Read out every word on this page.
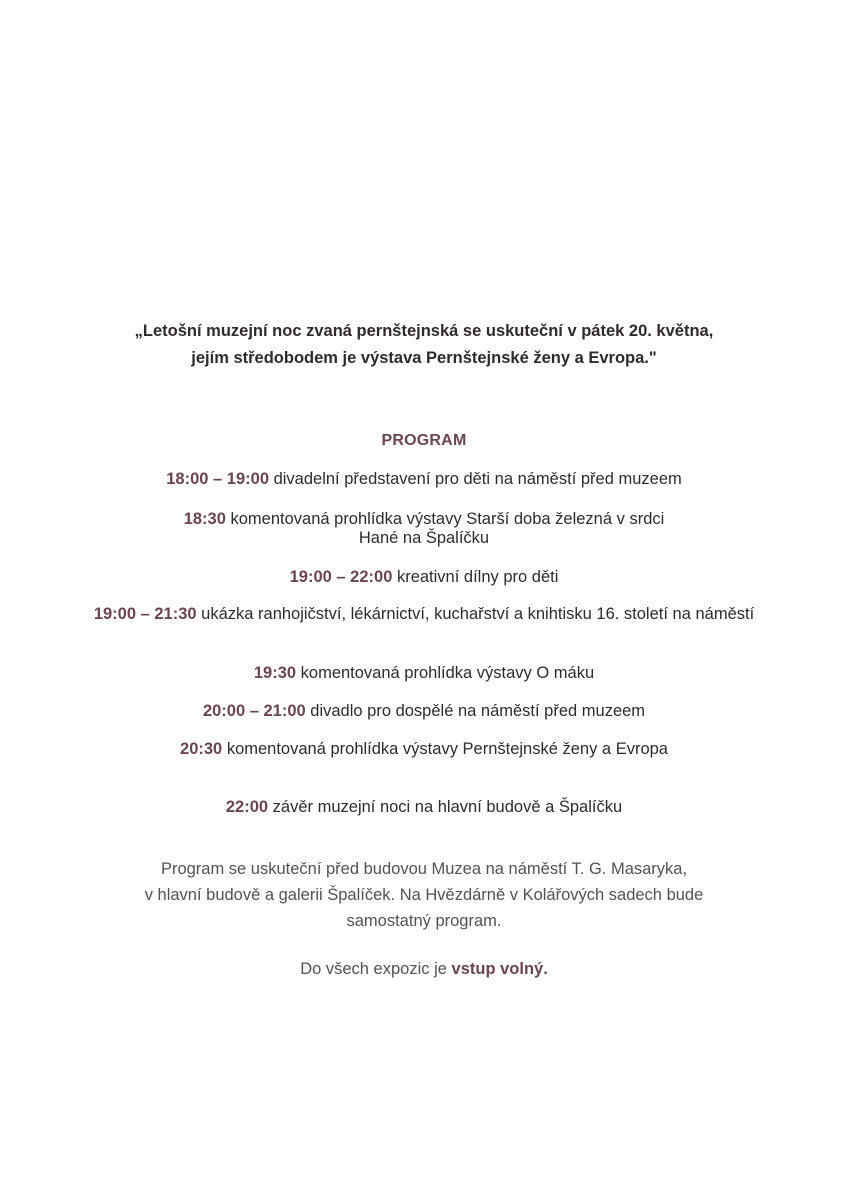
„Letošní muzejní noc zvaná pernštejnská se uskuteční v pátek 20. května,
jejím středobodem je výstava Pernštejnské ženy a Evropa."
PROGRAM
18:00 – 19:00 divadelní představení pro děti na náměstí před muzeem
18:30 komentovaná prohlídka výstavy Starší doba železná v srdci Hané na Špalíčku
19:00 – 22:00 kreativní dílny pro děti
19:00 – 21:30 ukázka ranhojičství, lékárnictví, kuchařství a knihtisku 16. století na náměstí
19:30 komentovaná prohlídka výstavy O máku
20:00 – 21:00 divadlo pro dospělé na náměstí před muzeem
20:30 komentovaná prohlídka výstavy Pernštejnské ženy a Evropa
22:00 závěr muzejní noci na hlavní budově a Špalíčku
Program se uskuteční před budovou Muzea na náměstí T. G. Masaryka,
v hlavní budově a galerii Špalíček. Na Hvězdárně v Kolářových sadech bude
samostatný program.
Do všech expozic je vstup volný.
